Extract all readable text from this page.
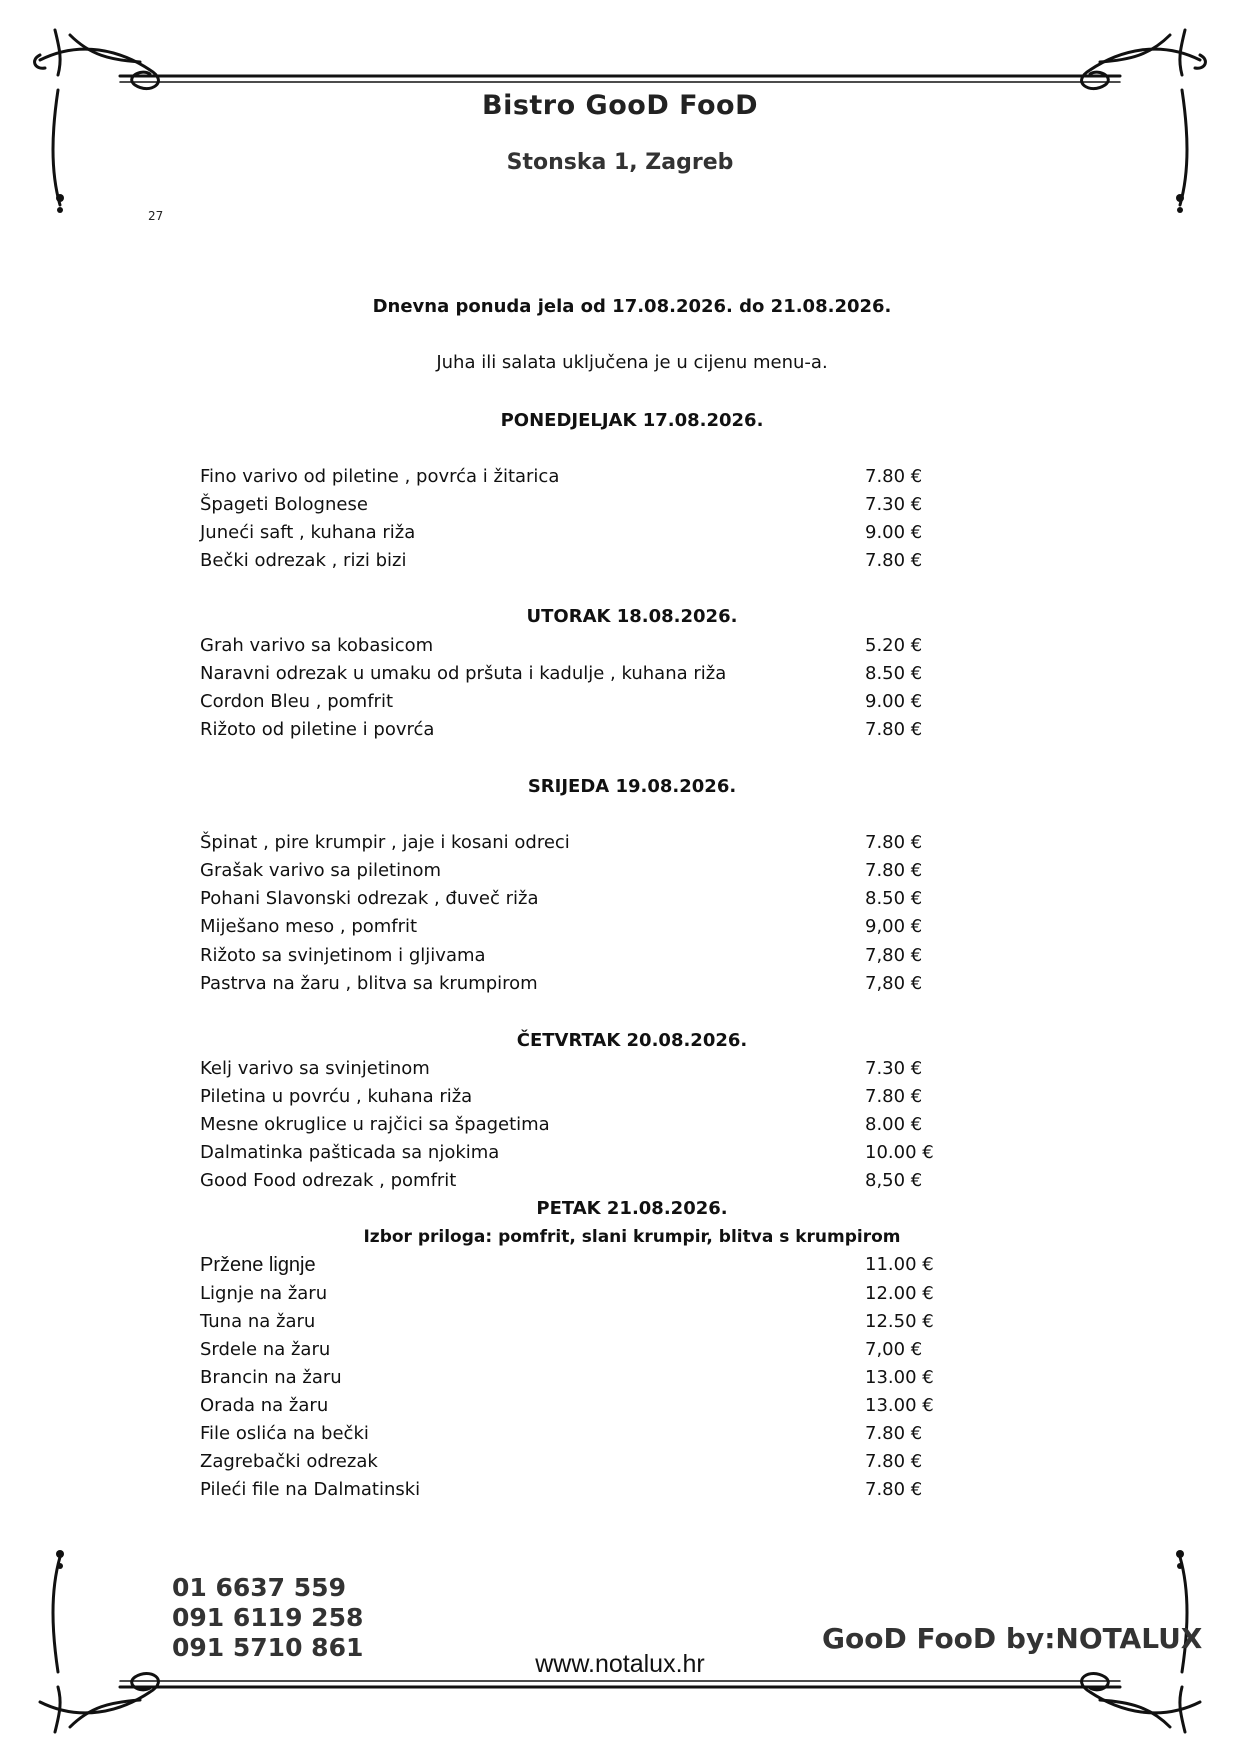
Bistro GooD FooD
Stonska 1, Zagreb
27
Dnevna ponuda jela od 17.08.2026. do 21.08.2026.
Juha ili salata uključena je u cijenu menu-a.
PONEDJELJAK 17.08.2026.
Fino varivo od piletine , povrća i žitarica	7.80 €
Špageti Bolognese	7.30 €
Juneći saft , kuhana riža	9.00 €
Bečki odrezak , rizi bizi	7.80 €
UTORAK 18.08.2026.
Grah varivo sa kobasicom	5.20 €
Naravni odrezak u umaku od pršuta i kadulje , kuhana riža	8.50 €
Cordon Bleu , pomfrit	9.00 €
Rižoto od piletine i povrća	7.80 €
SRIJEDA 19.08.2026.
Špinat , pire krumpir , jaje i kosani odreci	7.80 €
Grašak varivo sa piletinom	7.80 €
Pohani Slavonski odrezak , đuveč riža	8.50 €
Miješano meso , pomfrit	9,00 €
Rižoto sa svinjetinom i gljivama	7,80 €
Pastrva na žaru , blitva sa krumpirom	7,80 €
ČETVRTAK 20.08.2026.
Kelj varivo sa svinjetinom	7.30 €
Piletina u povrću , kuhana riža	7.80 €
Mesne okruglice u rajčici sa špagetima	8.00 €
Dalmatinka pašticada sa njokima	10.00 €
Good Food odrezak , pomfrit	8,50 €
PETAK 21.08.2026.
Izbor priloga: pomfrit, slani krumpir, blitva s krumpirom
Pržene lignje	11.00 €
Lignje na žaru	12.00 €
Tuna na žaru	12.50 €
Srdele na žaru	7,00 €
Brancin na žaru	13.00 €
Orada na žaru	13.00 €
File oslića na bečki	7.80 €
Zagrebački odrezak	7.80 €
Pileći file na Dalmatinski	7.80 €
01 6637 559
091 6119 258
091 5710 861
www.notalux.hr
GooD FooD by:NOTALUX
